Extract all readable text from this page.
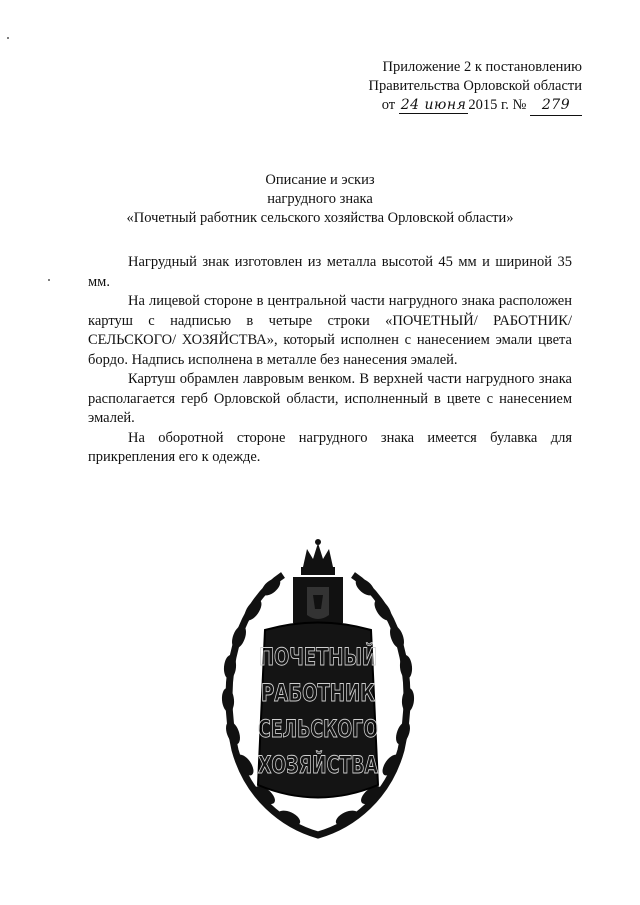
Приложение 2 к постановлению
Правительства Орловской области
от 24 июня 2015 г. № 279
Описание и эскиз
нагрудного знака
«Почетный работник сельского хозяйства Орловской области»

Нагрудный знак изготовлен из металла высотой 45 мм и шириной 35 мм.

На лицевой стороне в центральной части нагрудного знака расположен картуш с надписью в четыре строки «ПОЧЕТНЫЙ/ РАБОТНИК/ СЕЛЬСКОГО/ ХОЗЯЙСТВА», который исполнен с нанесением эмали цвета бордо. Надпись исполнена в металле без нанесения эмалей.

Картуш обрамлен лавровым венком. В верхней части нагрудного знака располагается герб Орловской области, исполненный в цвете с нанесением эмалей.

На оборотной стороне нагрудного знака имеется булавка для прикрепления его к одежде.

ПОЧЕТНЫЙ
РАБОТНИК
СЕЛЬСКОГО
ХОЗЯЙСТВА
